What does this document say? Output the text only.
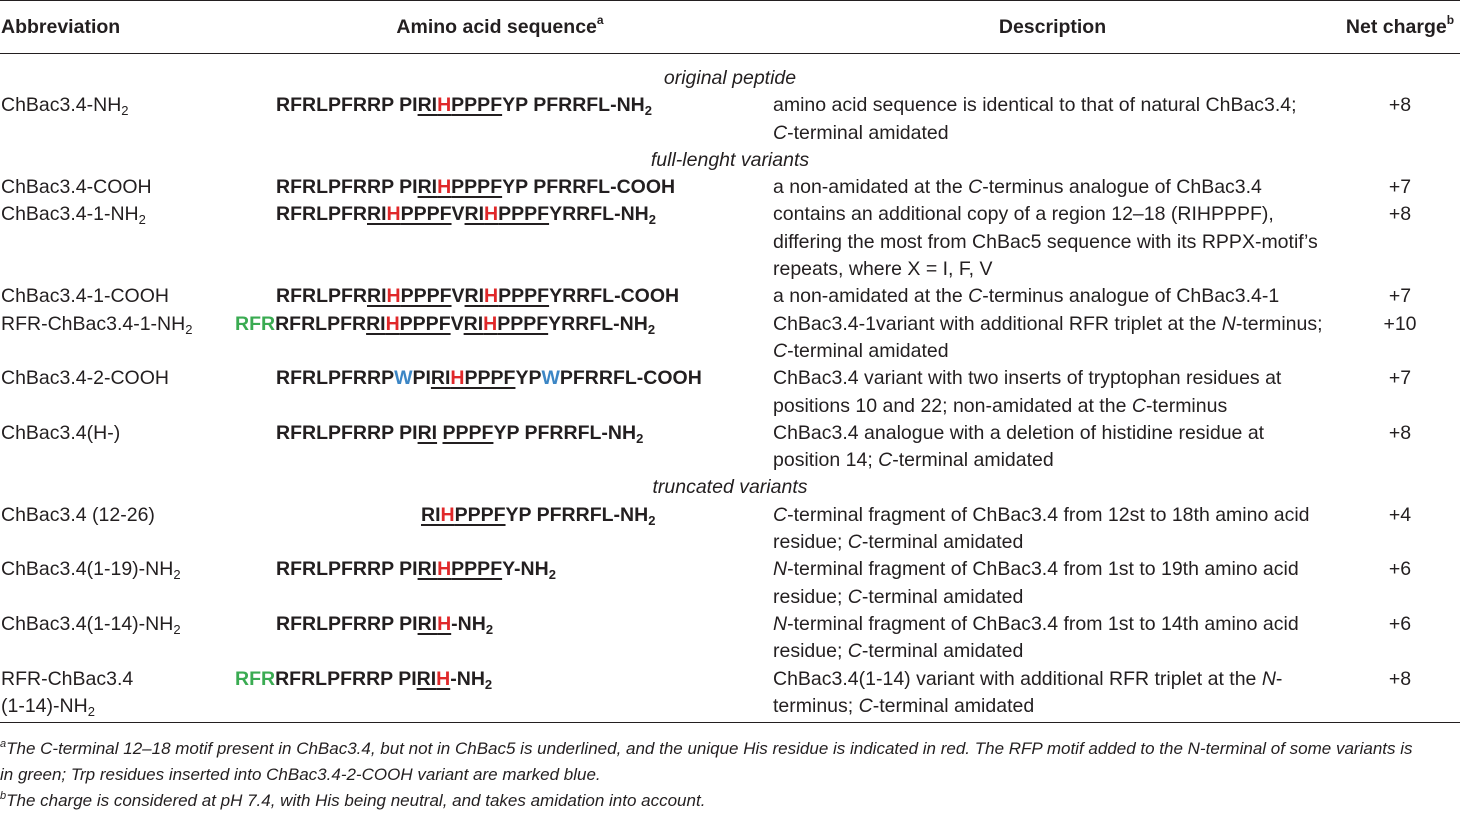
Abbreviation	Amino acid sequence$^a$	Description	Net charge$^b$

original peptide			
$ChBac3.4-NH_2$	RFRLPFRRP PIRIHPPPFYP PFRRFL-$NH_2$	amino acid sequence is identical to that of natural ChBac3.4;
C-terminal amidated	+8
full-lenght variants			
ChBac3.4-COOH	RFRLPFRRP PIRIHPPPFYP PFRRFL-COOH	a non-amidated at the C-terminus analogue of ChBac3.4	+7
$ChBac3.4-1-NH_2$	RFRLPFRRIHPPPFVRIHPPPFYRRFL-$NH_2$	contains an additional copy of a region 12–18 (RIHPPPF),
differing the most from ChBac5 sequence with its RPPX-motif’s
repeats, where X = I, F, V	+8
ChBac3.4-1-COOH	RFRLPFRRIHPPPFVRIHPPPFYRRFL-COOH	a non-amidated at the C-terminus analogue of ChBac3.4-1	+7
RFR-$ChBac3.4-1-NH_2$	RFRRFRLPFRRIHPPPFVRIHPPPFYRRFL-$NH_2$	ChBac3.4-1variant with additional RFR triplet at the N-terminus;
C-terminal amidated	+10
ChBac3.4-2-COOH	RFRLPFRRPWPIRIHPPPFYPWPFRRFL-COOH	ChBac3.4 variant with two inserts of tryptophan residues at
positions 10 and 22; non-amidated at the C-terminus	+7
ChBac3.4(H-)	RFRLPFRRP PIRI PPPFYP PFRRFL-$NH_2$	ChBac3.4 analogue with a deletion of histidine residue at
position 14; C-terminal amidated	+8
truncated variants			
ChBac3.4 (12-26)	RIHPPPFYP PFRRFL-$NH_2$	C-terminal fragment of ChBac3.4 from 12st to 18th amino acid
residue; C-terminal amidated	+4
$ChBac3.4(1-19)-NH_2$	RFRLPFRRP PIRIHPPPFY-$NH_2$	N-terminal fragment of ChBac3.4 from 1st to 19th amino acid
residue; C-terminal amidated	+6
$ChBac3.4(1-14)-NH_2$	RFRLPFRRP PIRIH-$NH_2$	N-terminal fragment of ChBac3.4 from 1st to 14th amino acid
residue; C-terminal amidated	+6
RFR-ChBac3.4
$(1-14)-NH_2$	RFRRFRLPFRRP PIRIH-$NH_2$	ChBac3.4(1-14) variant with additional RFR triplet at the N-
terminus; C-terminal amidated	+8
$^a$The C-terminal 12–18 motif present in ChBac3.4, but not in ChBac5 is underlined, and the unique His residue is indicated in red. The RFP motif added to the N-terminal of some variants is
in green; Trp residues inserted into ChBac3.4-2-COOH variant are marked blue.
$^b$The charge is considered at pH 7.4, with His being neutral, and takes amidation into account.
